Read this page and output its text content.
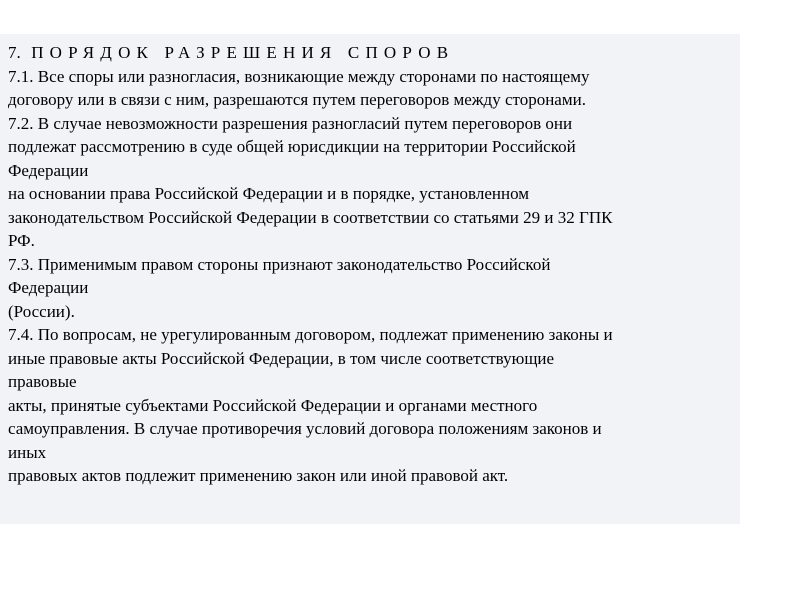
7. ПОРЯДОК РАЗРЕШЕНИЯ СПОРОВ
7.1. Все споры или разногласия, возникающие между сторонами по настоящему
договору или в связи с ним, разрешаются путем переговоров между сторонами.
7.2. В случае невозможности разрешения разногласий путем переговоров они
подлежат рассмотрению в суде общей юрисдикции на территории Российской
Федерации
на основании права Российской Федерации и в порядке, установленном
законодательством Российской Федерации в соответствии со статьями 29 и 32 ГПК
РФ.
7.3. Применимым правом стороны признают законодательство Российской
Федерации
(России).
7.4. По вопросам, не урегулированным договором, подлежат применению законы и
иные правовые акты Российской Федерации, в том числе соответствующие
правовые
акты, принятые субъектами Российской Федерации и органами местного
самоуправления. В случае противоречия условий договора положениям законов и
иных
правовых актов подлежит применению закон или иной правовой акт.
